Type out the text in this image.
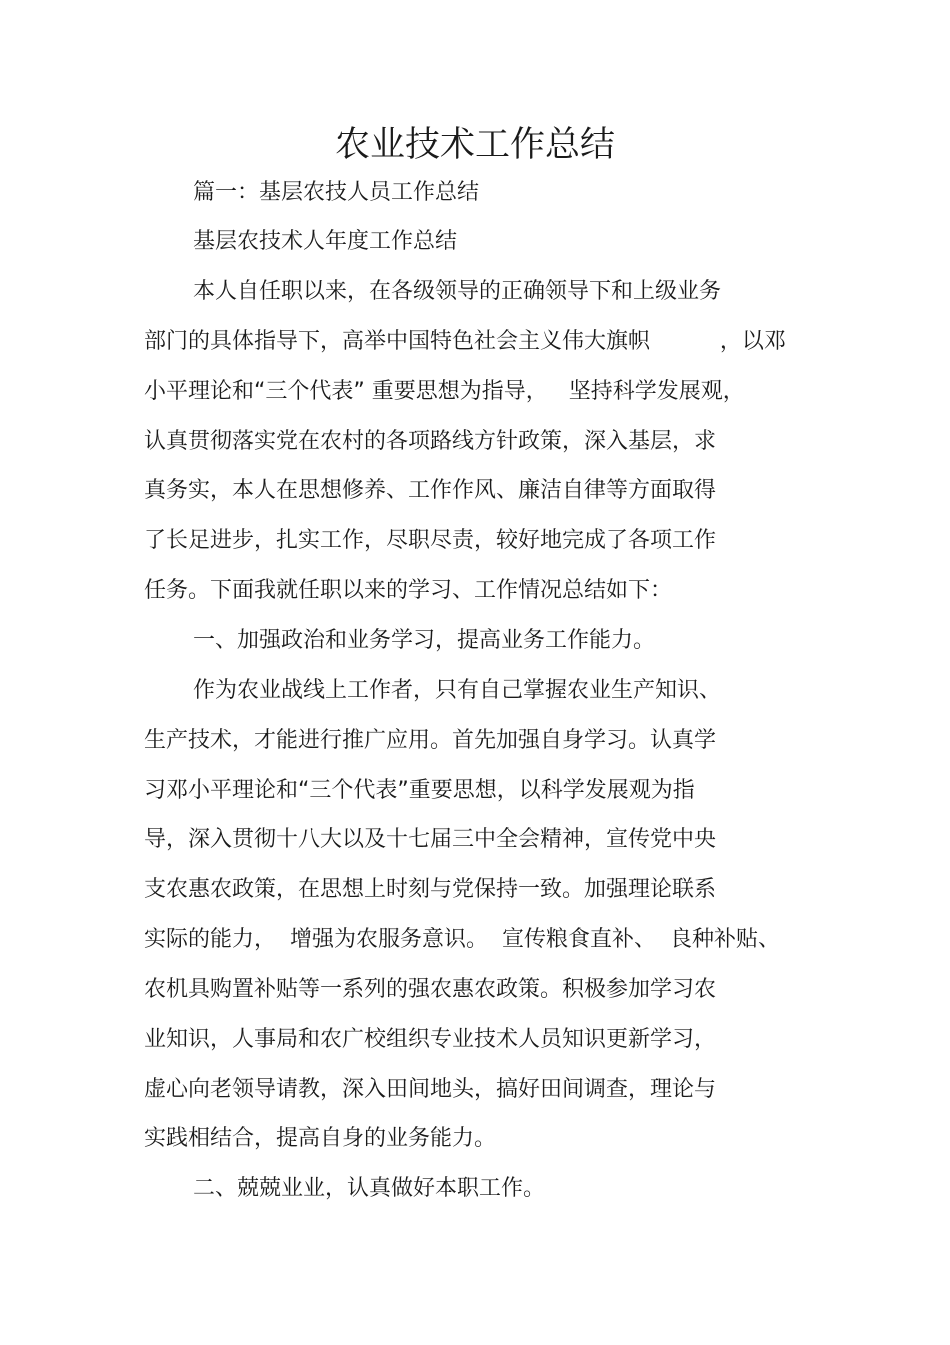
农业技术工作总结
篇一：基层农技人员工作总结
基层农技术人年度工作总结
本人自任职以来，在各级领导的正确领导下和上级业务
部门的具体指导下，高举中国特色社会主义伟大旗帜          ，以邓
小平理论和“三个代表” 重要思想为指导，   坚持科学发展观，
认真贯彻落实党在农村的各项路线方针政策，深入基层，求
真务实，本人在思想修养、工作作风、廉洁自律等方面取得
了长足进步，扎实工作，尽职尽责，较好地完成了各项工作
任务。下面我就任职以来的学习、工作情况总结如下：
一、加强政治和业务学习，提高业务工作能力。
作为农业战线上工作者，只有自己掌握农业生产知识、
生产技术，才能进行推广应用。首先加强自身学习。认真学
习邓小平理论和“三个代表”重要思想，以科学发展观为指
导，深入贯彻十八大以及十七届三中全会精神，宣传党中央
支农惠农政策，在思想上时刻与党保持一致。加强理论联系
实际的能力，  增强为农服务意识。  宣传粮食直补、  良种补贴、
农机具购置补贴等一系列的强农惠农政策。积极参加学习农
业知识，人事局和农广校组织专业技术人员知识更新学习，
虚心向老领导请教，深入田间地头，搞好田间调查，理论与
实践相结合，提高自身的业务能力。
二、兢兢业业，认真做好本职工作。
